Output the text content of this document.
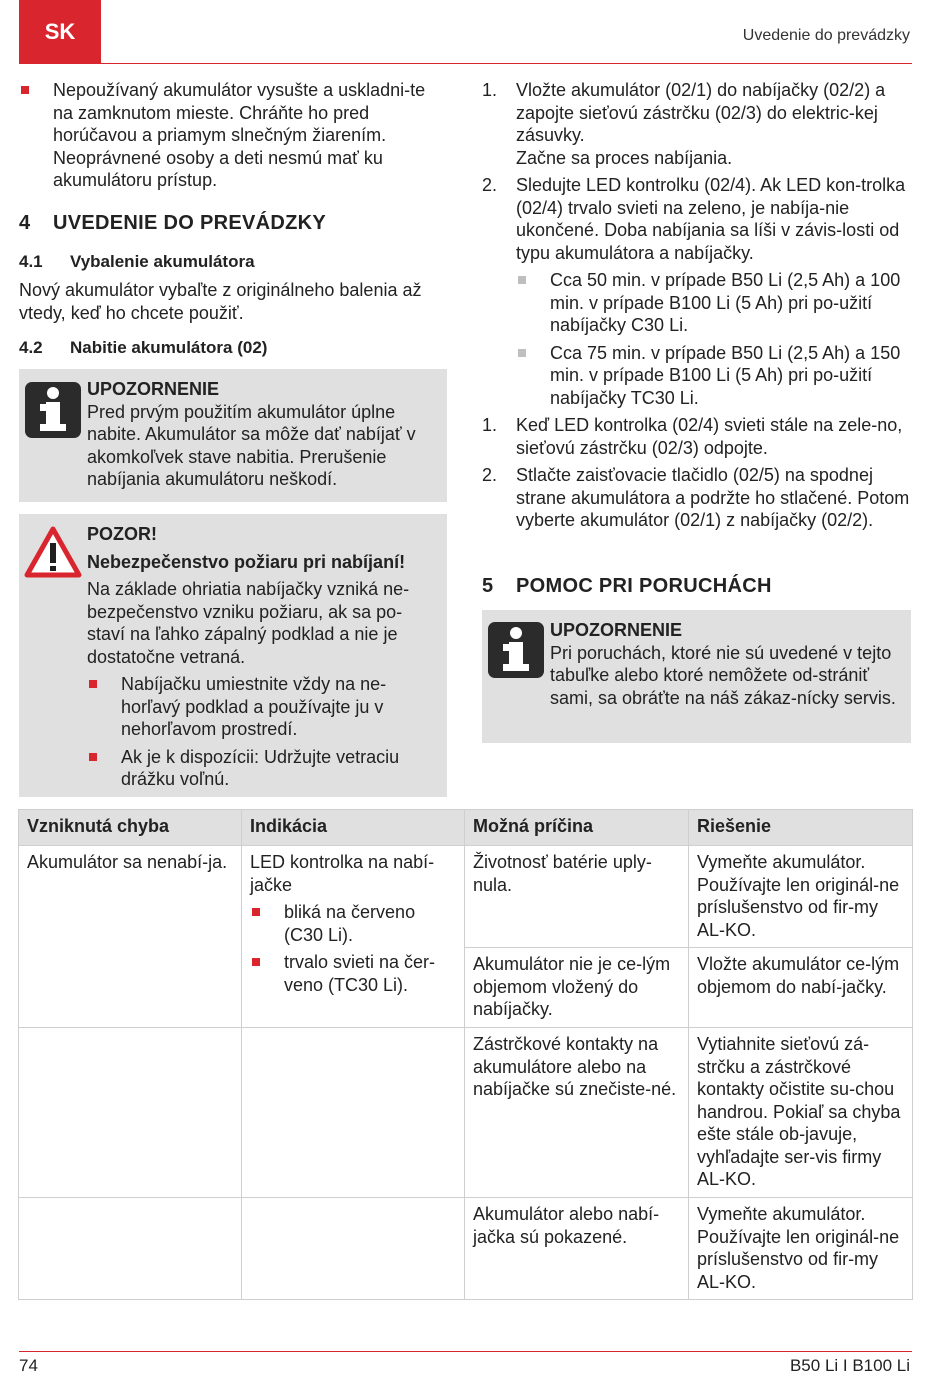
SK	Uvedenie do prevádzky
Nepoužívaný akumulátor vysušte a uskladni-te na zamknutom mieste. Chráňte ho pred horúčavou a priamym slnečným žiarením. Neoprávnené osoby a deti nesmú mať ku akumulátoru prístup.
4 UVEDENIE DO PREVÁDZKY
4.1 Vybalenie akumulátora
Nový akumulátor vybaľte z originálneho balenia až vtedy, keď ho chcete použiť.
4.2 Nabitie akumulátora (02)
UPOZORNENIE
Pred prvým použitím akumulátor úplne nabite. Akumulátor sa môže dať nabíjať v akomkoľvek stave nabitia. Prerušenie nabíjania akumulátoru neškodí.
POZOR!
Nebezpečenstvo požiaru pri nabíjaní!
Na základe ohriatia nabíjačky vzniká ne-bezpečenstvo vzniku požiaru, ak sa po-staví na ľahko zápalný podklad a nie je dostatočne vetraná.
Nabíjačku umiestnite vždy na ne-horľavý podklad a používajte ju v nehorľavom prostredí.
Ak je k dispozícii: Udržujte vetraciu drážku voľnú.
1. Vložte akumulátor (02/1) do nabíjačky (02/2) a zapojte sieťovú zástrčku (02/3) do elektric-kej zásuvky.
Začne sa proces nabíjania.
2. Sledujte LED kontrolku (02/4). Ak LED kon-trolka (02/4) trvalo svieti na zeleno, je nabíja-nie ukončené. Doba nabíjania sa líši v závis-losti od typu akumulátora a nabíjačky.
Cca 50 min. v prípade B50 Li (2,5 Ah) a 100 min. v prípade B100 Li (5 Ah) pri po-užití nabíjačky C30 Li.
Cca 75 min. v prípade B50 Li (2,5 Ah) a 150 min. v prípade B100 Li (5 Ah) pri po-užití nabíjačky TC30 Li.
1. Keď LED kontrolka (02/4) svieti stále na zele-no, sieťovú zástrčku (02/3) odpojte.
2. Stlačte zaisťovacie tlačidlo (02/5) na spodnej strane akumulátora a podržte ho stlačené. Potom vyberte akumulátor (02/1) z nabíjačky (02/2).
5 POMOC PRI PORUCHÁCH
UPOZORNENIE
Pri poruchách, ktoré nie sú uvedené v tejto tabuľke alebo ktoré nemôžete od-strániť sami, sa obráťte na náš zákaz-nícky servis.
Vzniknutá chyba	Indikácia	Možná príčina	Riešenie
Akumulátor sa nenabí-ja.	LED kontrolka na nabí-jačke
bliká na červeno (C30 Li).
trvalo svieti na čer-veno (TC30 Li).	Životnosť batérie uply-nula.	Vymeňte akumulátor. Používajte len originál-ne príslušenstvo od fir-my AL-KO.
		Akumulátor nie je ce-lým objemom vložený do nabíjačky.	Vložte akumulátor ce-lým objemom do nabí-jačky.
		Zástrčkové kontakty na akumulátore alebo na nabíjačke sú znečiste-né.	Vytiahnite sieťovú zá-strčku a zástrčkové kontakty očistite su-chou handrou. Pokiaľ sa chyba ešte stále ob-javuje, vyhľadajte ser-vis firmy AL-KO.
		Akumulátor alebo nabí-jačka sú pokazené.	Vymeňte akumulátor. Používajte len originál-ne príslušenstvo od fir-my AL-KO.
74	B50 Li I B100 Li
